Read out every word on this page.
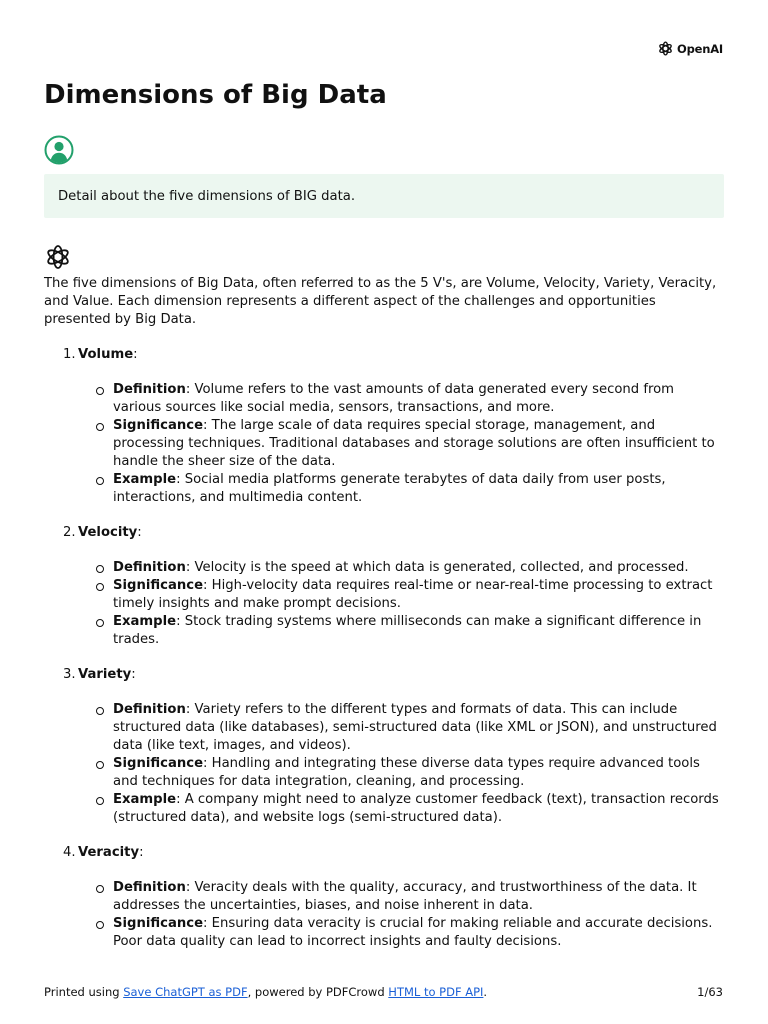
OpenAI
Dimensions of Big Data
Detail about the five dimensions of BIG data.

The five dimensions of Big Data, often referred to as the 5 V's, are Volume, Velocity, Variety, Veracity, and Value. Each dimension represents a different aspect of the challenges and opportunities presented by Big Data.

1. Volume:
Definition: Volume refers to the vast amounts of data generated every second from various sources like social media, sensors, transactions, and more.
Significance: The large scale of data requires special storage, management, and processing techniques. Traditional databases and storage solutions are often insufficient to handle the sheer size of the data.
Example: Social media platforms generate terabytes of data daily from user posts, interactions, and multimedia content.
2. Velocity:
Definition: Velocity is the speed at which data is generated, collected, and processed.
Significance: High-velocity data requires real-time or near-real-time processing to extract timely insights and make prompt decisions.
Example: Stock trading systems where milliseconds can make a significant difference in trades.
3. Variety:
Definition: Variety refers to the different types and formats of data. This can include structured data (like databases), semi-structured data (like XML or JSON), and unstructured data (like text, images, and videos).
Significance: Handling and integrating these diverse data types require advanced tools and techniques for data integration, cleaning, and processing.
Example: A company might need to analyze customer feedback (text), transaction records (structured data), and website logs (semi-structured data).
4. Veracity:
Definition: Veracity deals with the quality, accuracy, and trustworthiness of the data. It addresses the uncertainties, biases, and noise inherent in data.
Significance: Ensuring data veracity is crucial for making reliable and accurate decisions. Poor data quality can lead to incorrect insights and faulty decisions.
Printed using Save ChatGPT as PDF, powered by PDFCrowd HTML to PDF API.	1/63
